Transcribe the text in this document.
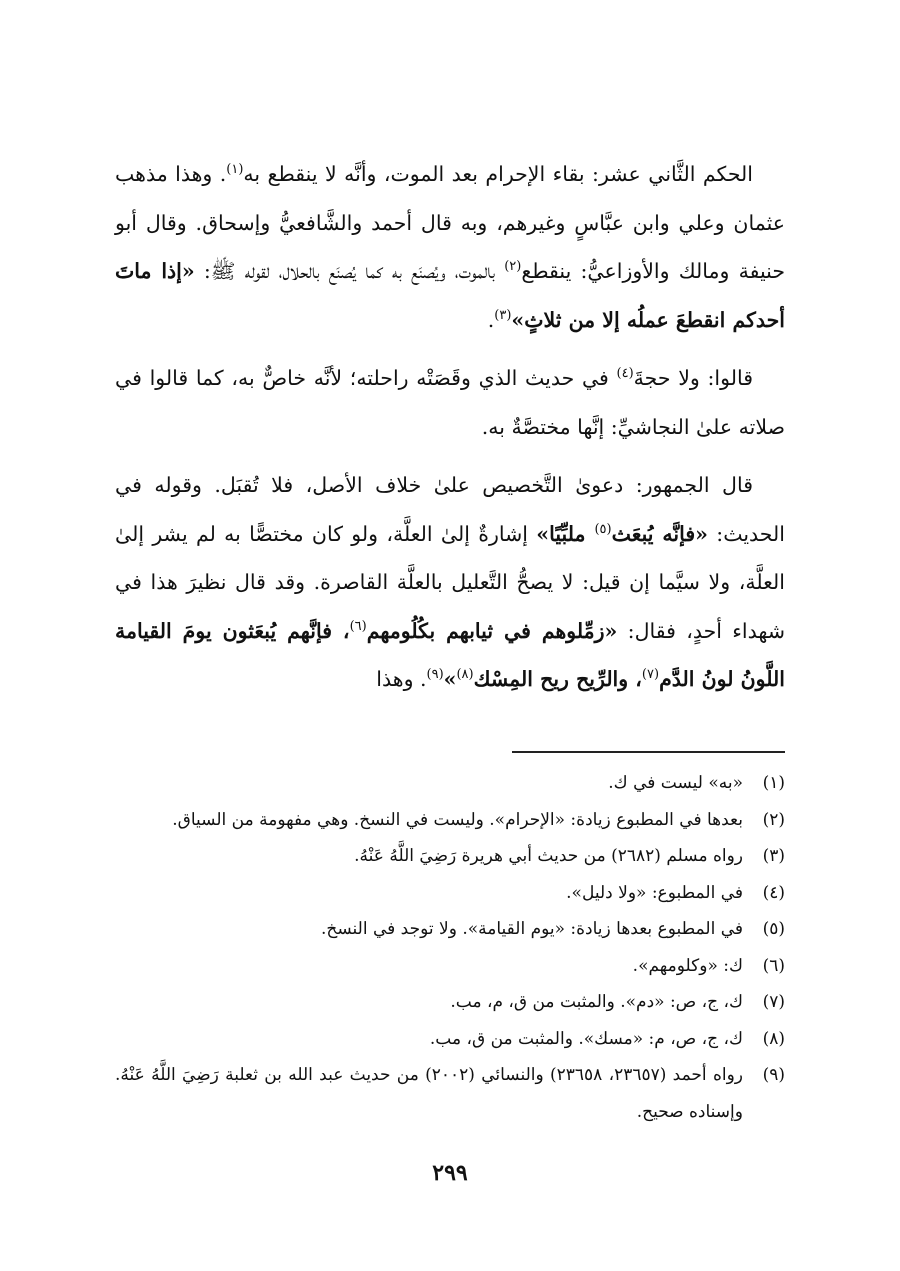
الحكم الثَّاني عشر: بقاء الإحرام بعد الموت، وأنَّه لا ينقطع به$^{(١)}$. وهذا مذهب عثمان وعلي وابن عبَّاسٍ وغيرهم، وبه قال أحمد والشَّافعيُّ وإسحاق. وقال أبو حنيفة ومالك والأوزاعيُّ: ينقطع$^{(٢)}$ بالموت، ويُصنَع به كما يُصنَع بالحلال، لقوله ﷺ: «إذا ماتَ أحدكم انقطعَ عملُه إلا من ثلاثٍ»$^{(٣)}$.

قالوا: ولا حجةَ$^{(٤)}$ في حديث الذي وقَصَتْه راحلته؛ لأنَّه خاصٌّ به، كما قالوا في صلاته علىٰ النجاشيِّ: إنَّها مختصَّةٌ به.

قال الجمهور: دعوىٰ التَّخصيص علىٰ خلاف الأصل، فلا تُقبَل. وقوله في الحديث: «فإنَّه يُبعَث$^{(٥)}$ ملبِّيًا» إشارةٌ إلىٰ العلَّة، ولو كان مختصًّا به لم يشر إلىٰ العلَّة، ولا سيَّما إن قيل: لا يصحُّ التَّعليل بالعلَّة القاصرة. وقد قال نظيرَ هذا في شهداء أحدٍ، فقال: «زمِّلوهم في ثيابهم بكُلُومهم$^{(٦)}$، فإنَّهم يُبعَثون يومَ القيامة اللَّونُ لونُ الدَّم$^{(٧)}$، والرِّيح ريح المِسْك$^{(٨)}$»$^{(٩)}$. وهذا

(١)
«به» ليست في ك.
(٢)
بعدها في المطبوع زيادة: «الإحرام». وليست في النسخ. وهي مفهومة من السياق.
(٣)
رواه مسلم (٢٦٨٢) من حديث أبي هريرة رَضِيَ اللَّهُ عَنْهُ.
(٤)
في المطبوع: «ولا دليل».
(٥)
في المطبوع بعدها زيادة: «يوم القيامة». ولا توجد في النسخ.
(٦)
ك: «وكلومهم».
(٧)
ك، ج، ص: «دم». والمثبت من ق، م، مب.
(٨)
ك، ج، ص، م: «مسك». والمثبت من ق، مب.
(٩)
رواه أحمد (٢٣٦٥٧، ٢٣٦٥٨) والنسائي (٢٠٠٢) من حديث عبد الله بن ثعلبة رَضِيَ اللَّهُ عَنْهُ. وإسناده صحيح.
٢٩٩
